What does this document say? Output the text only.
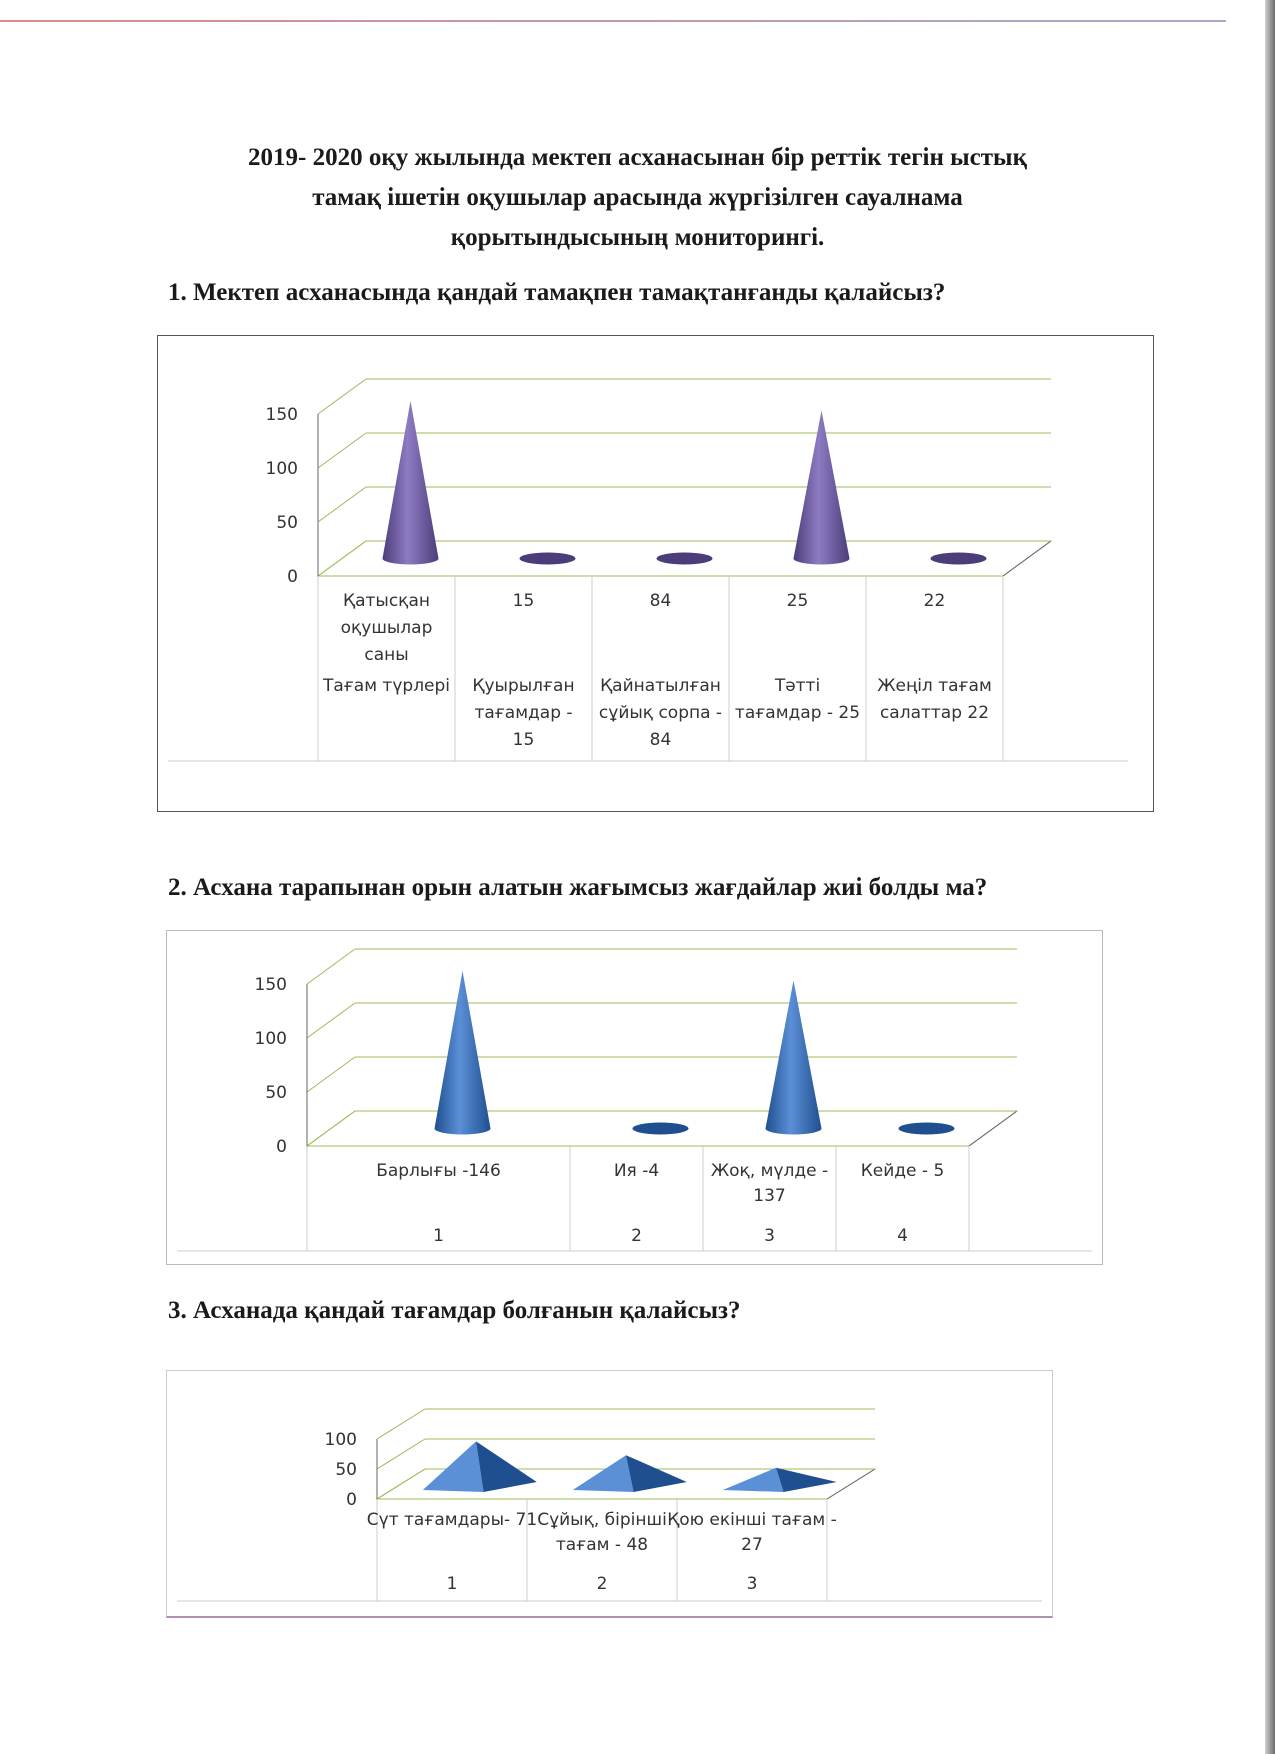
2019- 2020 оқу жылында мектеп асханасынан бір реттік тегін ыстық
тамақ ішетін оқушылар арасында жүргізілген сауалнама
қорытындысының мониторингі.
1. Мектеп асханасында қандай тамақпен тамақтанғанды қалайсыз?
2. Асхана тарапынан орын алатын жағымсыз жағдайлар жиі болды ма?
3. Асханада қандай тағамдар болғанын қалайсыз?
0
50
100
150
Қатысқан
оқушылар
саны
Тағам түрлері
15
Қуырылған
тағамдар -
15
84
Қайнатылған
сұйық сорпа -
84
25
Тәтті
тағамдар - 25
22
Жеңіл тағам
салаттар 22
0
50
100
150
Барлығы -146
1
Ия -4
2
Жоқ, мүлде -
137
3
Кейде - 5
4
0
50
100
Сүт тағамдары- 71
1
Сұйық, бірінші
тағам - 48
2
Қою екінші тағам -
27
3
